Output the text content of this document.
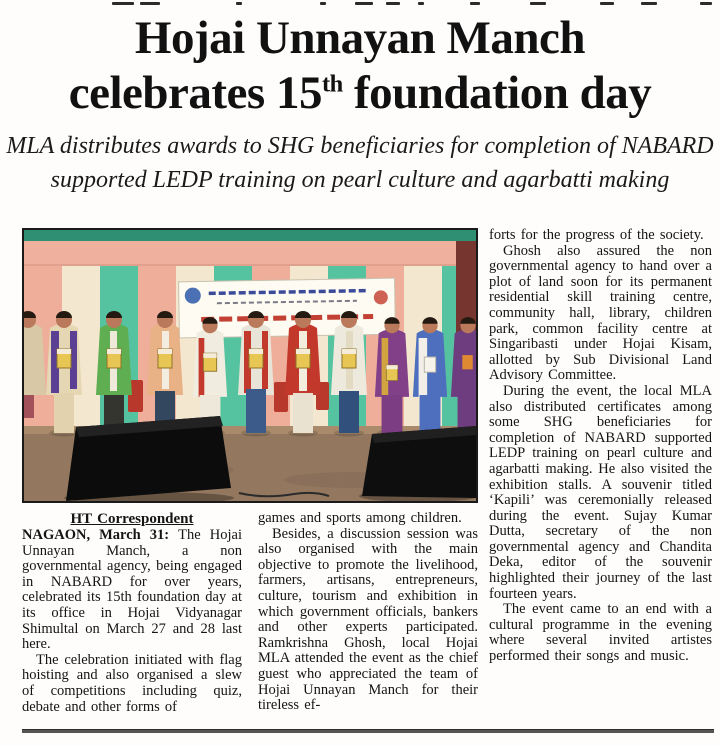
Hojai Unnayan Manch
celebrates 15th foundation day
MLA distributes awards to SHG beneficiaries for completion of NABARD
supported LEDP training on pearl culture and agarbatti making

HT Correspondent

NAGAON, March 31: The Hojai Unnayan Manch, a non governmental agency, being engaged in NABARD for over years, celebrated its 15th foundation day at its office in Hojai Vidyanagar Shimultal on March 27 and 28 last here.

The celebration initiated with flag hoisting and also organised a slew of competitions including quiz, debate and other forms of

games and sports among children.

Besides, a discussion session was also organised with the main objective to promote the livelihood, farmers, artisans, entrepreneurs, culture, tourism and exhibition in which government officials, bankers and other experts participated. Ramkrishna Ghosh, local Hojai MLA attended the event as the chief guest who appreciated the team of Hojai Unnayan Manch for their tireless ef-

forts for the progress of the society.

Ghosh also assured the non governmental agency to hand over a plot of land soon for its permanent residential skill training centre, community hall, library, children park, common facility centre at Singaribasti under Hojai Kisam, allotted by Sub Divisional Land Advisory Committee.

During the event, the local MLA also distributed certificates among some SHG beneficiaries for completion of NABARD supported LEDP training on pearl culture and agarbatti making. He also visited the exhibition stalls. A souvenir titled ‘Kapili’ was ceremonially released during the event. Sujay Kumar Dutta, secretary of the non governmental agency and Chandita Deka, editor of the souvenir highlighted their journey of the last fourteen years.

The event came to an end with a cultural programme in the evening where several invited artistes performed their songs and music.
